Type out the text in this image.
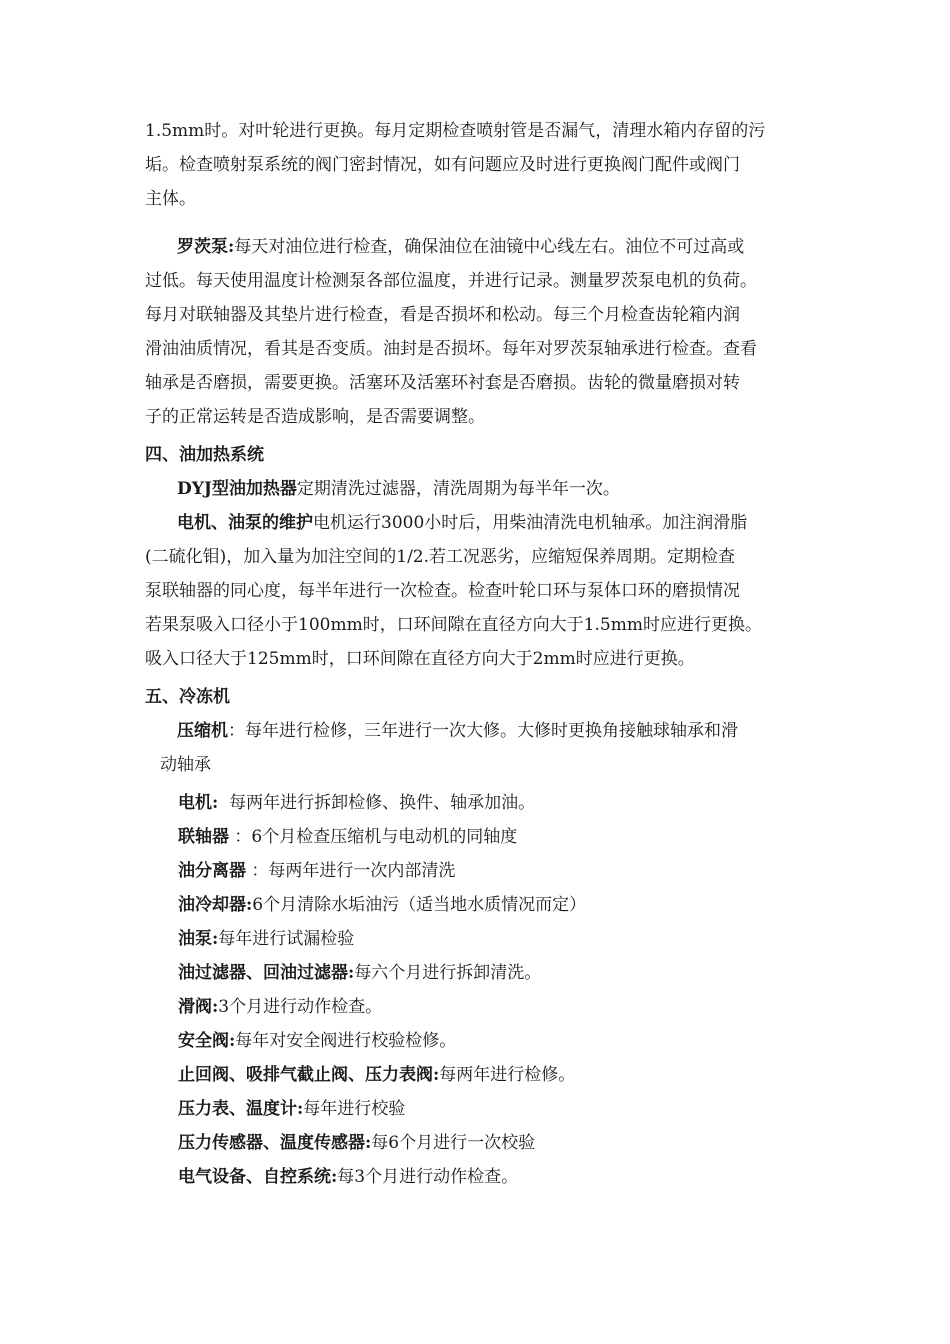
1.5mm时。对叶轮进行更换。每月定期检查喷射管是否漏气，清理水箱内存留的污
垢。检查喷射泵系统的阀门密封情况，如有问题应及时进行更换阀门配件或阀门
主体。
罗茨泵:每天对油位进行检查，确保油位在油镜中心线左右。油位不可过高或
过低。每天使用温度计检测泵各部位温度，并进行记录。测量罗茨泵电机的负荷。
每月对联轴器及其垫片进行检查，看是否损坏和松动。每三个月检查齿轮箱内润
滑油油质情况，看其是否变质。油封是否损坏。每年对罗茨泵轴承进行检查。查看
轴承是否磨损，需要更换。活塞环及活塞环衬套是否磨损。齿轮的微量磨损对转
子的正常运转是否造成影响，是否需要调整。
四、油加热系统
DYJ型油加热器定期清洗过滤器，清洗周期为每半年一次。
电机、油泵的维护电机运行3000小时后，用柴油清洗电机轴承。加注润滑脂
(二硫化钼)，加入量为加注空间的1/2.若工况恶劣，应缩短保养周期。定期检查
泵联轴器的同心度，每半年进行一次检查。检查叶轮口环与泵体口环的磨损情况
若果泵吸入口径小于100mm时，口环间隙在直径方向大于1.5mm时应进行更换。
吸入口径大于125mm时，口环间隙在直径方向大于2mm时应进行更换。
五、冷冻机
压缩机：每年进行检修，三年进行一次大修。大修时更换角接触球轴承和滑
动轴承
电机:  每两年进行拆卸检修、换件、轴承加油。
联轴器 ：6个月检查压缩机与电动机的同轴度
油分离器 ：每两年进行一次内部清洗
油冷却器:6个月清除水垢油污（适当地水质情况而定）
油泵:每年进行试漏检验
油过滤器、回油过滤器:每六个月进行拆卸清洗。
滑阀:3个月进行动作检查。
安全阀:每年对安全阀进行校验检修。
止回阀、吸排气截止阀、压力表阀:每两年进行检修。
压力表、温度计:每年进行校验
压力传感器、温度传感器:每6个月进行一次校验
电气设备、自控系统:每3个月进行动作检查。
